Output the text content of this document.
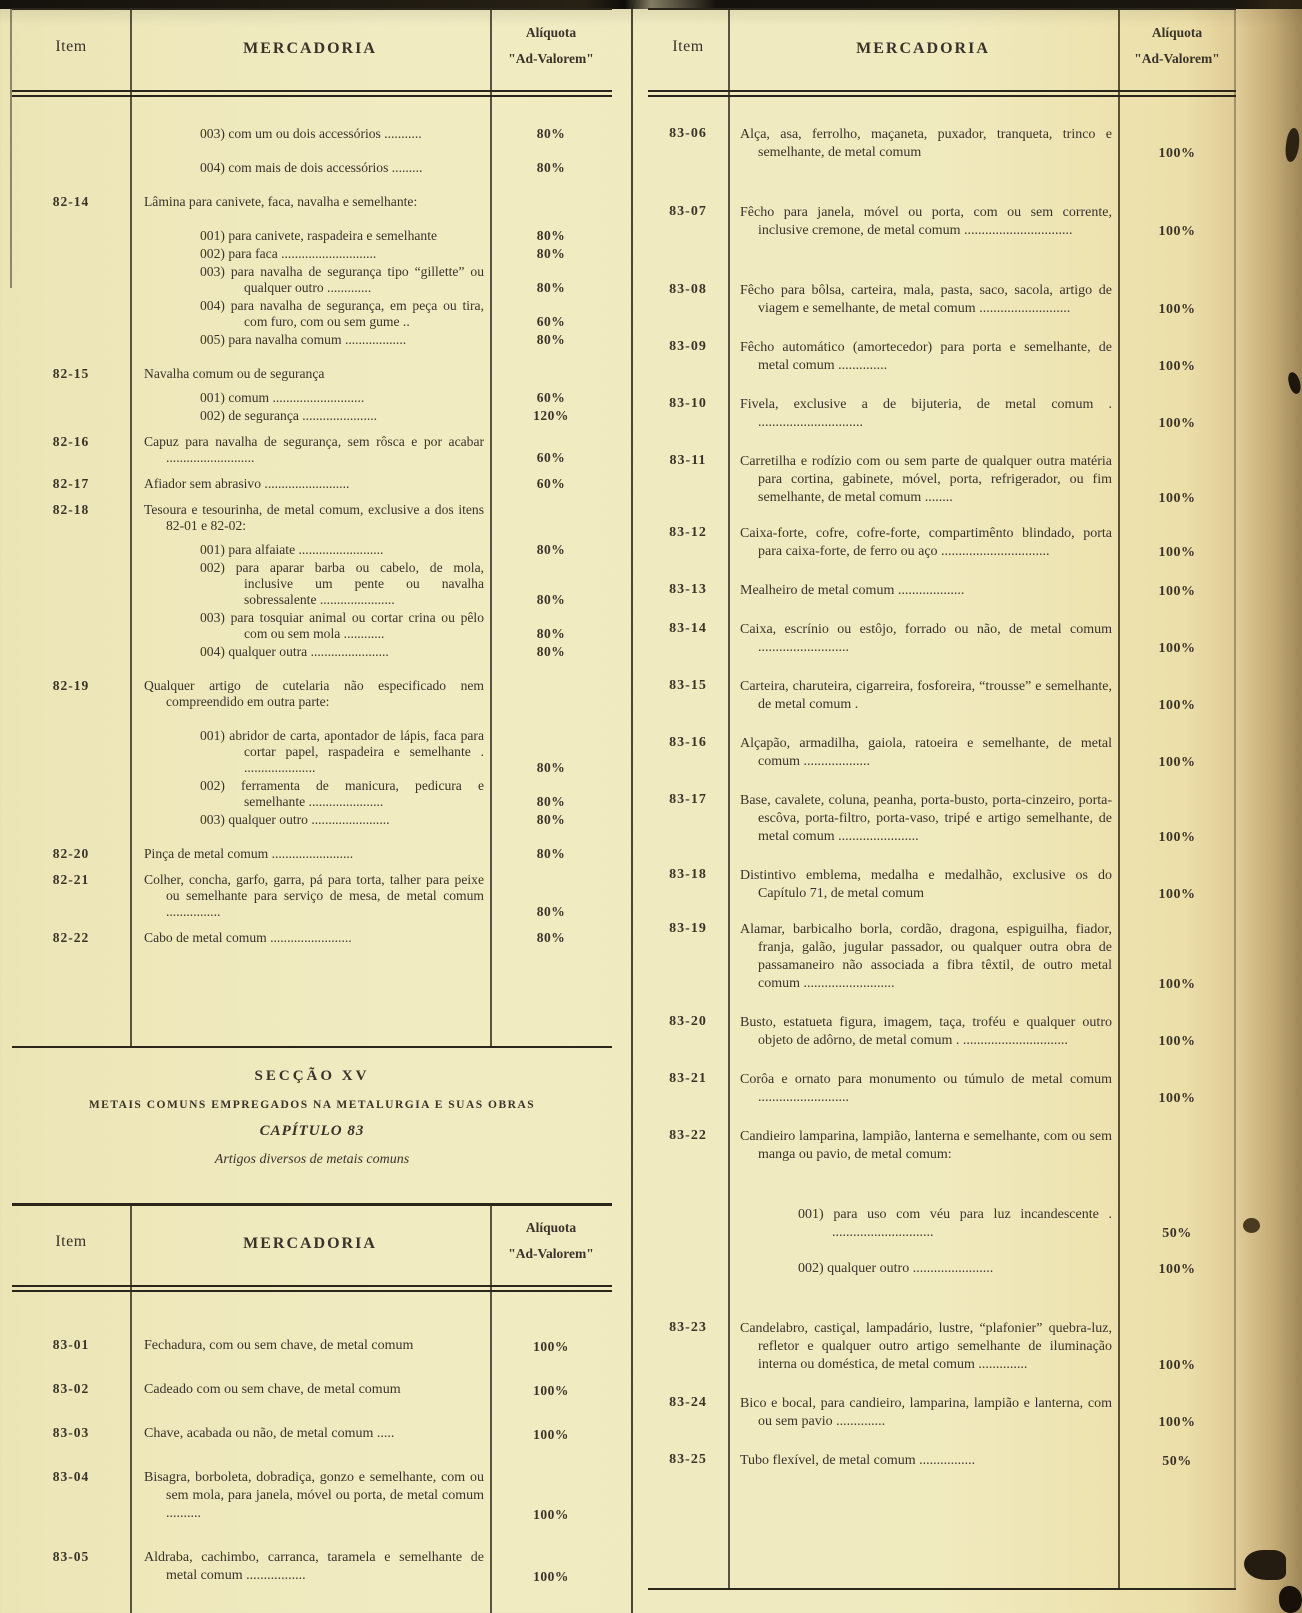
Item	MERCADORIA
Alíquota
"Ad-Valorem"
003) com um ou dois accessórios ...........	80%
004) com mais de dois accessórios .........	80%
82-14	Lâmina para canivete, faca, navalha e semelhante:
001) para canivete, raspadeira e semelhante	80%
002) para faca ............................	80%
003) para navalha de segurança tipo “gillette” ou qualquer outro .............	80%
004) para navalha de segurança, em peça ou tira, com furo, com ou sem gume ..	60%
005) para navalha comum ..................	80%
82-15	Navalha comum ou de segurança
001) comum ...........................	60%
002) de segurança ......................	120%
82-16	Capuz para navalha de segurança, sem rôsca e por acabar ..........................	60%
82-17	Afiador sem abrasivo .........................	60%
82-18	Tesoura e tesourinha, de metal comum, exclusive a dos itens 82-01 e 82-02:
001) para alfaiate .........................	80%
002) para aparar barba ou cabelo, de mola, inclusive um pente ou navalha sobressalente ......................	80%
003) para tosquiar animal ou cortar crina ou pêlo com ou sem mola ............	80%
004) qualquer outra .......................	80%
82-19	Qualquer artigo de cutelaria não especificado nem compreendido em outra parte:
001) abridor de carta, apontador de lápis, faca para cortar papel, raspadeira e semelhante . .....................	80%
002) ferramenta de manicura, pedicura e semelhante ......................	80%
003) qualquer outro .......................	80%
82-20	Pinça de metal comum ........................	80%
82-21	Colher, concha, garfo, garra, pá para torta, talher para peixe ou semelhante para serviço de mesa, de metal comum ................	80%
82-22	Cabo de metal comum ........................	80%
SECÇÃO XV
METAIS COMUNS EMPREGADOS NA METALURGIA E SUAS OBRAS
CAPÍTULO 83
Artigos diversos de metais comuns
Item	MERCADORIA
Alíquota
"Ad-Valorem"
83-01	Fechadura, com ou sem chave, de metal comum	100%
83-02	Cadeado com ou sem chave, de metal comum	100%
83-03	Chave, acabada ou não, de metal comum .....	100%
83-04	Bisagra, borboleta, dobradiça, gonzo e semelhante, com ou sem mola, para janela, móvel ou porta, de metal comum ..........	100%
83-05	Aldraba, cachimbo, carranca, taramela e semelhante de metal comum .................	100%
Item	MERCADORIA
Alíquota
"Ad-Valorem"
83-06	Alça, asa, ferrolho, maçaneta, puxador, tranqueta, trinco e semelhante, de metal comum	100%
83-07	Fêcho para janela, móvel ou porta, com ou sem corrente, inclusive cremone, de metal comum ...............................	100%
83-08	Fêcho para bôlsa, carteira, mala, pasta, saco, sacola, artigo de viagem e semelhante, de metal comum ..........................	100%
83-09	Fêcho automático (amortecedor) para porta e semelhante, de metal comum ..............	100%
83-10	Fivela, exclusive a de bijuteria, de metal comum . ..............................	100%
83-11	Carretilha e rodízio com ou sem parte de qualquer outra matéria para cortina, gabinete, móvel, porta, refrigerador, ou fim semelhante, de metal comum ........	100%
83-12	Caixa-forte, cofre, cofre-forte, compartimênto blindado, porta para caixa-forte, de ferro ou aço ...............................	100%
83-13	Mealheiro de metal comum ...................	100%
83-14	Caixa, escrínio ou estôjo, forrado ou não, de metal comum ..........................	100%
83-15	Carteira, charuteira, cigarreira, fosforeira, “trousse” e semelhante, de metal comum .	100%
83-16	Alçapão, armadilha, gaiola, ratoeira e semelhante, de metal comum ...................	100%
83-17	Base, cavalete, coluna, peanha, porta-busto, porta-cinzeiro, porta-escôva, porta-filtro, porta-vaso, tripé e artigo semelhante, de metal comum .......................	100%
83-18	Distintivo emblema, medalha e medalhão, exclusive os do Capítulo 71, de metal comum	100%
83-19	Alamar, barbicalho borla, cordão, dragona, espiguilha, fiador, franja, galão, jugular passador, ou qualquer outra obra de passamaneiro não associada a fibra têxtil, de outro metal comum ..........................	100%
83-20	Busto, estatueta figura, imagem, taça, troféu e qualquer outro objeto de adôrno, de metal comum . ..............................	100%
83-21	Corôa e ornato para monumento ou túmulo de metal comum ..........................	100%
83-22	Candieiro lamparina, lampião, lanterna e semelhante, com ou sem manga ou pavio, de metal comum:
001) para uso com véu para luz incandescente . .............................	50%
002) qualquer outro .......................	100%
83-23	Candelabro, castiçal, lampadário, lustre, “plafonier” quebra-luz, refletor e qualquer outro artigo semelhante de iluminação interna ou doméstica, de metal comum ..............	100%
83-24	Bico e bocal, para candieiro, lamparina, lampião e lanterna, com ou sem pavio ..............	100%
83-25	Tubo flexível, de metal comum ................	50%
